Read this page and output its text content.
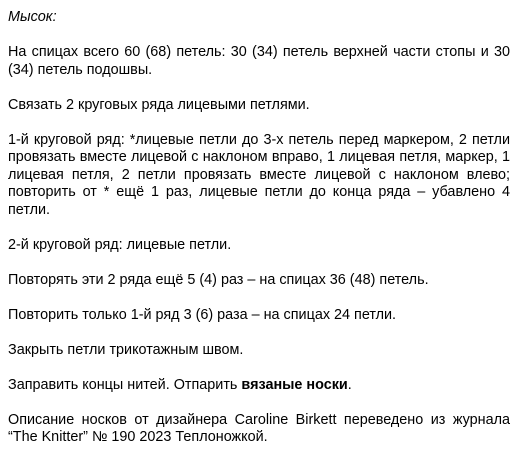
Мысок:

На спицах всего 60 (68) петель: 30 (34) петель верхней части стопы и 30 (34) петель подошвы.

Связать 2 круговых ряда лицевыми петлями.

1-й круговой ряд: *лицевые петли до 3-х петель перед маркером, 2 петли провязать вместе лицевой с наклоном вправо, 1 лицевая петля, маркер, 1 лицевая петля, 2 петли провязать вместе лицевой с наклоном влево; повторить от * ещё 1 раз, лицевые петли до конца ряда – убавлено 4 петли.

2-й круговой ряд: лицевые петли.

Повторять эти 2 ряда ещё 5 (4) раз – на спицах 36 (48) петель.

Повторить только 1-й ряд 3 (6) раза – на спицах 24 петли.

Закрыть петли трикотажным швом.

Заправить концы нитей. Отпарить вязаные носки.

Описание носков от дизайнера Caroline Birkett переведено из журнала “The Knitter” № 190 2023 Теплоножкой.
